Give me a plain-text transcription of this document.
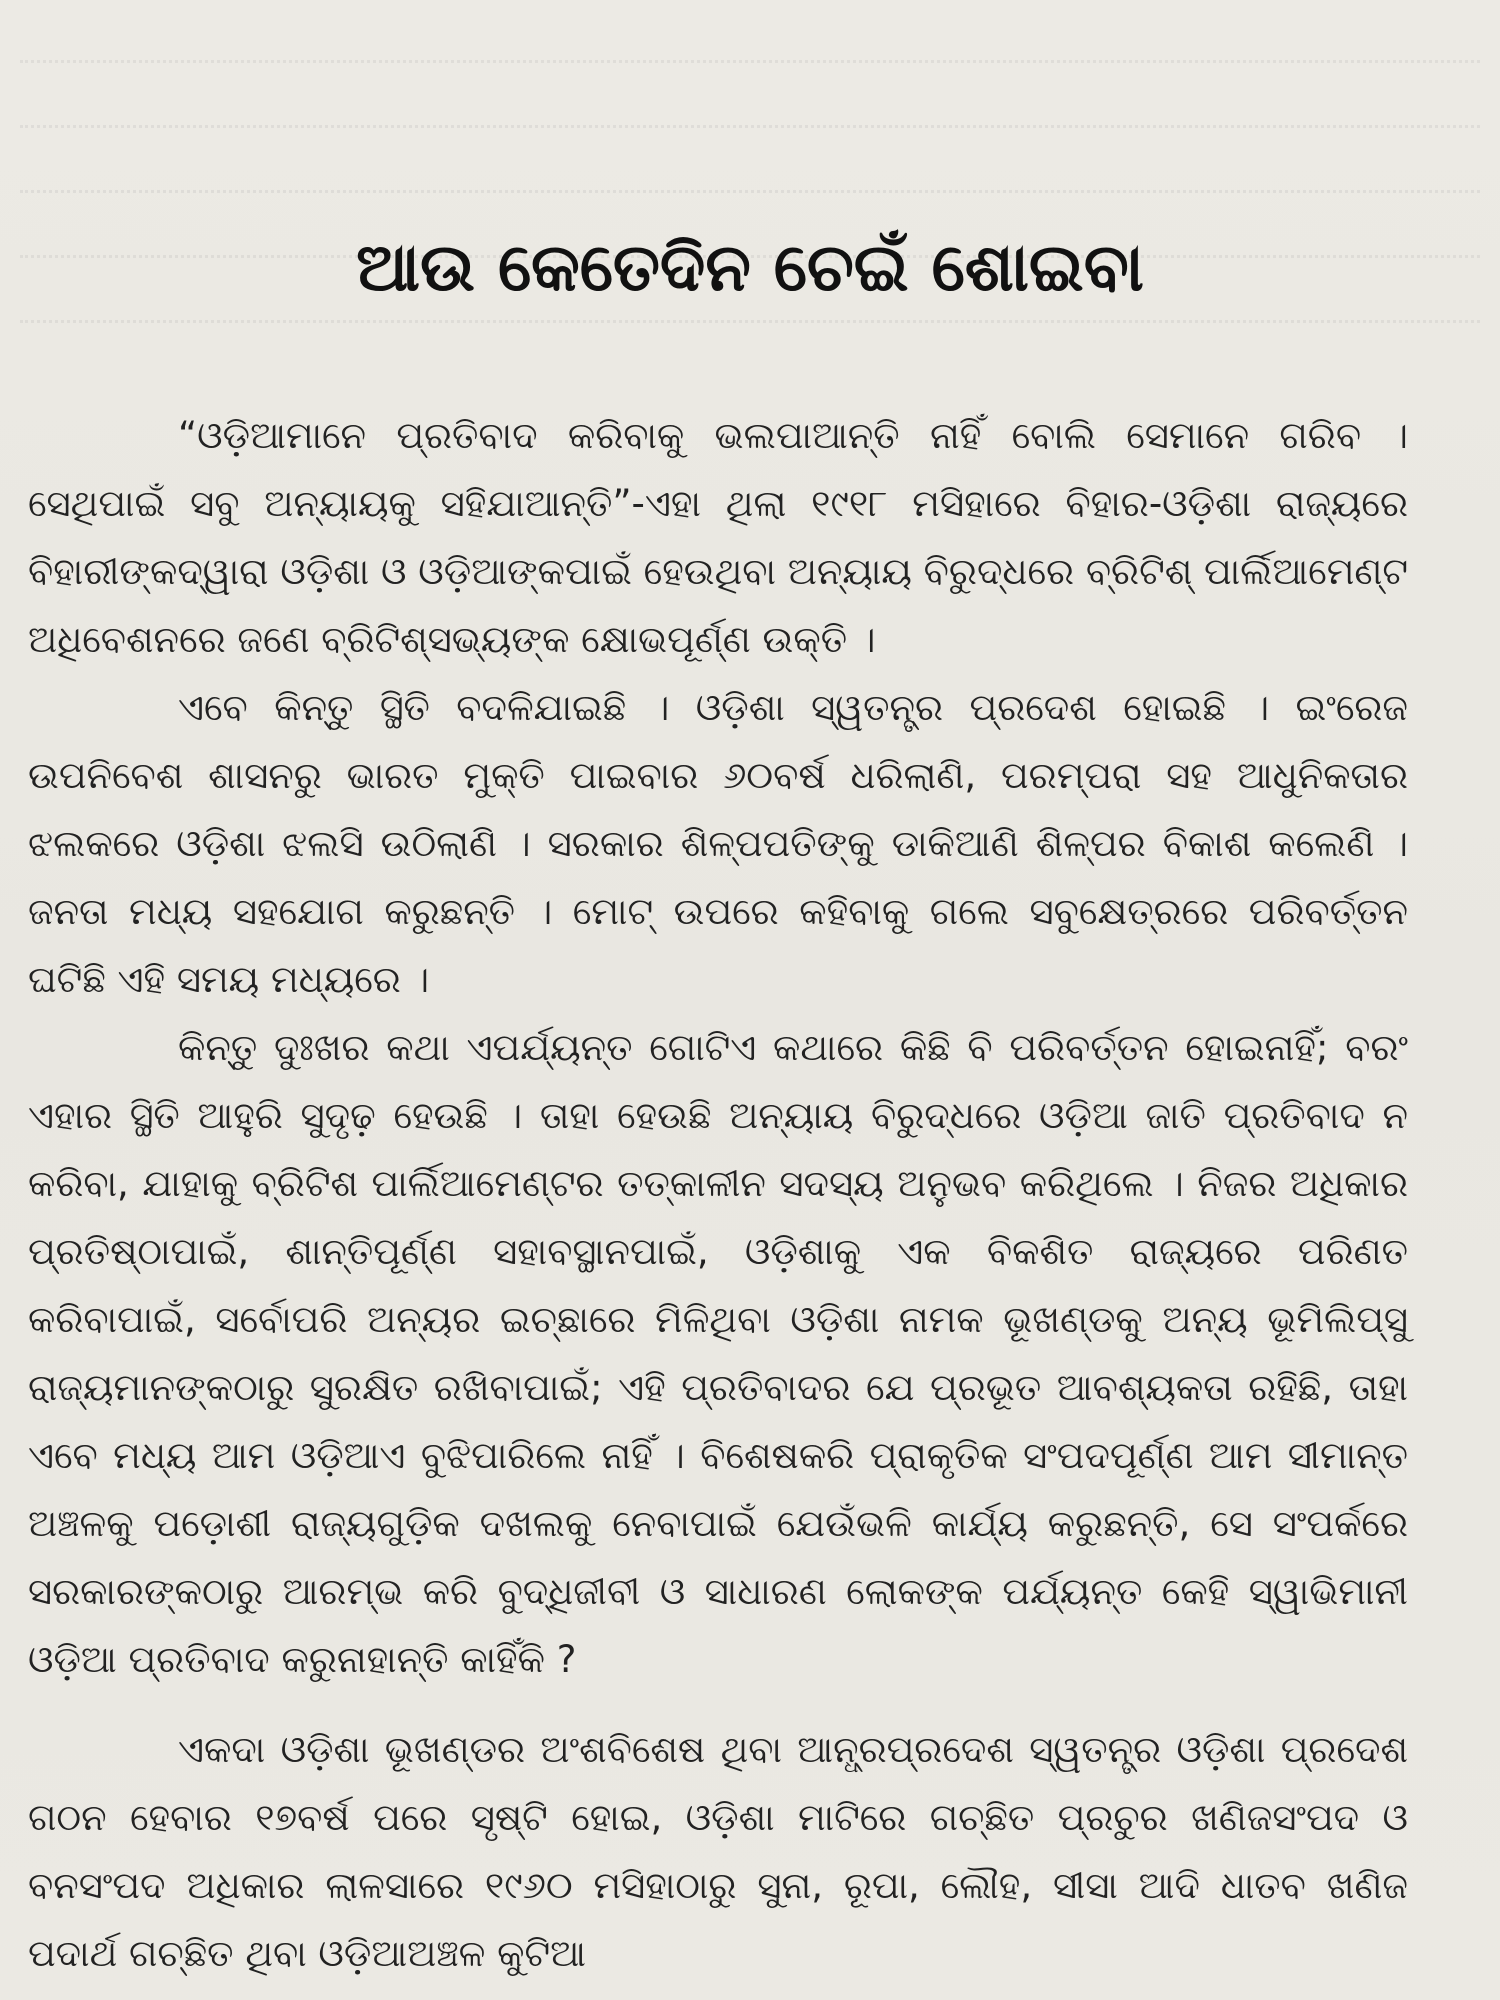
ଆଉ କେତେଦିନ ଚେଇଁ ଶୋଇବା

“ଓଡ଼ିଆମାନେ ପ୍ରତିବାଦ କରିବାକୁ ଭଲପାଆନ୍ତି ନାହିଁ ବୋଲି ସେମାନେ ଗରିବ । ସେଥିପାଇଁ ସବୁ ଅନ୍ୟାୟକୁ ସହିଯାଆନ୍ତି”-ଏହା ଥିଲା ୧୯୧୮ ମସିହାରେ ବିହାର-ଓଡ଼ିଶା ରାଜ୍ୟରେ ବିହାରୀଙ୍କଦ୍ୱାରା ଓଡ଼ିଶା ଓ ଓଡ଼ିଆଙ୍କପାଇଁ ହେଉଥିବା ଅନ୍ୟାୟ ବିରୁଦ୍ଧରେ ବ୍ରିଟିଶ୍ ପାର୍ଲିଆମେଣ୍ଟ ଅଧିବେଶନରେ ଜଣେ ବ୍ରିଟିଶ୍‌ସଭ୍ୟଙ୍କ କ୍ଷୋଭପୂର୍ଣ୍ଣ ଉକ୍ତି ।

ଏବେ କିନ୍ତୁ ସ୍ଥିତି ବଦଳିଯାଇଛି । ଓଡ଼ିଶା ସ୍ୱତନ୍ତ୍ର ପ୍ରଦେଶ ହୋଇଛି । ଇଂରେଜ ଉପନିବେଶ ଶାସନରୁ ଭାରତ ମୁକ୍ତି ପାଇବାର ୬୦ବର୍ଷ ଧରିଲାଣି, ପରମ୍ପରା ସହ ଆଧୁନିକତାର ଝଲକରେ ଓଡ଼ିଶା ଝଲସି ଉଠିଲାଣି । ସରକାର ଶିଳ୍ପପତିଙ୍କୁ ଡାକିଆଣି ଶିଳ୍ପର ବିକାଶ କଲେଣି । ଜନତା ମଧ୍ୟ ସହଯୋଗ କରୁଛନ୍ତି । ମୋଟ୍ ଉପରେ କହିବାକୁ ଗଲେ ସବୁକ୍ଷେତ୍ରରେ ପରିବର୍ତ୍ତନ ଘଟିଛି ଏହି ସମୟ ମଧ୍ୟରେ ।

କିନ୍ତୁ ଦୁଃଖର କଥା ଏପର୍ଯ୍ୟନ୍ତ ଗୋଟିଏ କଥାରେ କିଛି ବି ପରିବର୍ତ୍ତନ ହୋଇନାହିଁ; ବରଂ ଏହାର ସ୍ଥିତି ଆହୁରି ସୁଦୃଢ଼ ହେଉଛି । ତାହା ହେଉଛି ଅନ୍ୟାୟ ବିରୁଦ୍ଧରେ ଓଡ଼ିଆ ଜାତି ପ୍ରତିବାଦ ନ କରିବା, ଯାହାକୁ ବ୍ରିଟିଶ ପାର୍ଲିଆମେଣ୍ଟର ତତ୍କାଳୀନ ସଦସ୍ୟ ଅନୁଭବ କରିଥିଲେ । ନିଜର ଅଧିକାର ପ୍ରତିଷ୍ଠାପାଇଁ, ଶାନ୍ତିପୂର୍ଣ୍ଣ ସହାବସ୍ଥାନପାଇଁ, ଓଡ଼ିଶାକୁ ଏକ ବିକଶିତ ରାଜ୍ୟରେ ପରିଣତ କରିବାପାଇଁ, ସର୍ବୋପରି ଅନ୍ୟର ଇଚ୍ଛାରେ ମିଳିଥିବା ଓଡ଼ିଶା ନାମକ ଭୂଖଣ୍ଡକୁ ଅନ୍ୟ ଭୂମିଲିପ୍ସୁ ରାଜ୍ୟମାନଙ୍କଠାରୁ ସୁରକ୍ଷିତ ରଖିବାପାଇଁ; ଏହି ପ୍ରତିବାଦର ଯେ ପ୍ରଭୂତ ଆବଶ୍ୟକତା ରହିଛି, ତାହା ଏବେ ମଧ୍ୟ ଆମ ଓଡ଼ିଆଏ ବୁଝିପାରିଲେ ନାହିଁ । ବିଶେଷକରି ପ୍ରାକୃତିକ ସଂପଦପୂର୍ଣ୍ଣ ଆମ ସୀମାନ୍ତ ଅଞ୍ଚଳକୁ ପଡ଼ୋଶୀ ରାଜ୍ୟଗୁଡ଼ିକ ଦଖଲକୁ ନେବାପାଇଁ ଯେଉଁଭଳି କାର୍ଯ୍ୟ କରୁଛନ୍ତି, ସେ ସଂପର୍କରେ ସରକାରଙ୍କଠାରୁ ଆରମ୍ଭ କରି ବୁଦ୍ଧିଜୀବୀ ଓ ସାଧାରଣ ଲୋକଙ୍କ ପର୍ଯ୍ୟନ୍ତ କେହି ସ୍ୱାଭିମାନୀ ଓଡ଼ିଆ ପ୍ରତିବାଦ କରୁନାହାନ୍ତି କାହିଁକି ?

ଏକଦା ଓଡ଼ିଶା ଭୂଖଣ୍ଡର ଅଂଶବିଶେଷ ଥିବା ଆନ୍ଧ୍ରପ୍ରଦେଶ ସ୍ୱତନ୍ତ୍ର ଓଡ଼ିଶା ପ୍ରଦେଶ ଗଠନ ହେବାର ୧୭ବର୍ଷ ପରେ ସୃଷ୍ଟି ହୋଇ, ଓଡ଼ିଶା ମାଟିରେ ଗଚ୍ଛିତ ପ୍ରଚୁର ଖଣିଜସଂପଦ ଓ ବନସଂପଦ ଅଧିକାର ଲାଳସାରେ ୧୯୬୦ ମସିହାଠାରୁ ସୁନା, ରୂପା, ଲୌହ, ସୀସା ଆଦି ଧାତବ ଖଣିଜ ପଦାର୍ଥ ଗଚ୍ଛିତ ଥିବା ଓଡ଼ିଆଅଞ୍ଚଳ କୁଟିଆ
